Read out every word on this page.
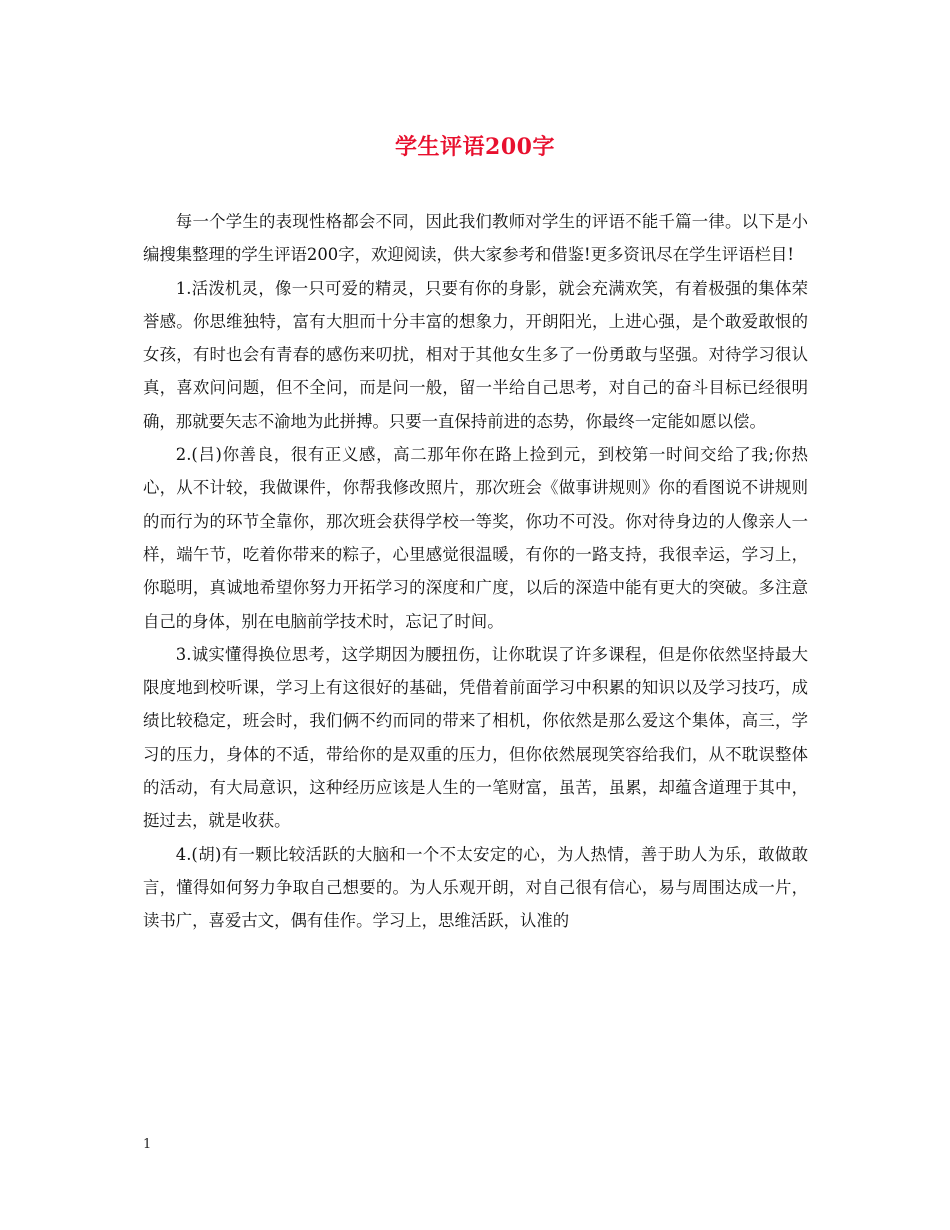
学生评语200字

每一个学生的表现性格都会不同，因此我们教师对学生的评语不能千篇一律。以下是小编搜集整理的学生评语200字，欢迎阅读，供大家参考和借鉴!更多资讯尽在学生评语栏目!

1.活泼机灵，像一只可爱的精灵，只要有你的身影，就会充满欢笑，有着极强的集体荣誉感。你思维独特，富有大胆而十分丰富的想象力，开朗阳光，上进心强，是个敢爱敢恨的女孩，有时也会有青春的感伤来叨扰，相对于其他女生多了一份勇敢与坚强。对待学习很认真，喜欢问问题，但不全问，而是问一般，留一半给自己思考，对自己的奋斗目标已经很明确，那就要矢志不渝地为此拼搏。只要一直保持前进的态势，你最终一定能如愿以偿。

2.(吕)你善良，很有正义感，高二那年你在路上捡到元，到校第一时间交给了我;你热心，从不计较，我做课件，你帮我修改照片，那次班会《做事讲规则》你的看图说不讲规则的而行为的环节全靠你，那次班会获得学校一等奖，你功不可没。你对待身边的人像亲人一样，端午节，吃着你带来的粽子，心里感觉很温暖，有你的一路支持，我很幸运，学习上，你聪明，真诚地希望你努力开拓学习的深度和广度，以后的深造中能有更大的突破。多注意自己的身体，别在电脑前学技术时，忘记了时间。

3.诚实懂得换位思考，这学期因为腰扭伤，让你耽误了许多课程，但是你依然坚持最大限度地到校听课，学习上有这很好的基础，凭借着前面学习中积累的知识以及学习技巧，成绩比较稳定，班会时，我们俩不约而同的带来了相机，你依然是那么爱这个集体，高三，学习的压力，身体的不适，带给你的是双重的压力，但你依然展现笑容给我们，从不耽误整体的活动，有大局意识，这种经历应该是人生的一笔财富，虽苦，虽累，却蕴含道理于其中，挺过去，就是收获。

4.(胡)有一颗比较活跃的大脑和一个不太安定的心，为人热情，善于助人为乐，敢做敢言，懂得如何努力争取自己想要的。为人乐观开朗，对自己很有信心，易与周围达成一片，读书广，喜爱古文，偶有佳作。学习上，思维活跃，认准的

1
